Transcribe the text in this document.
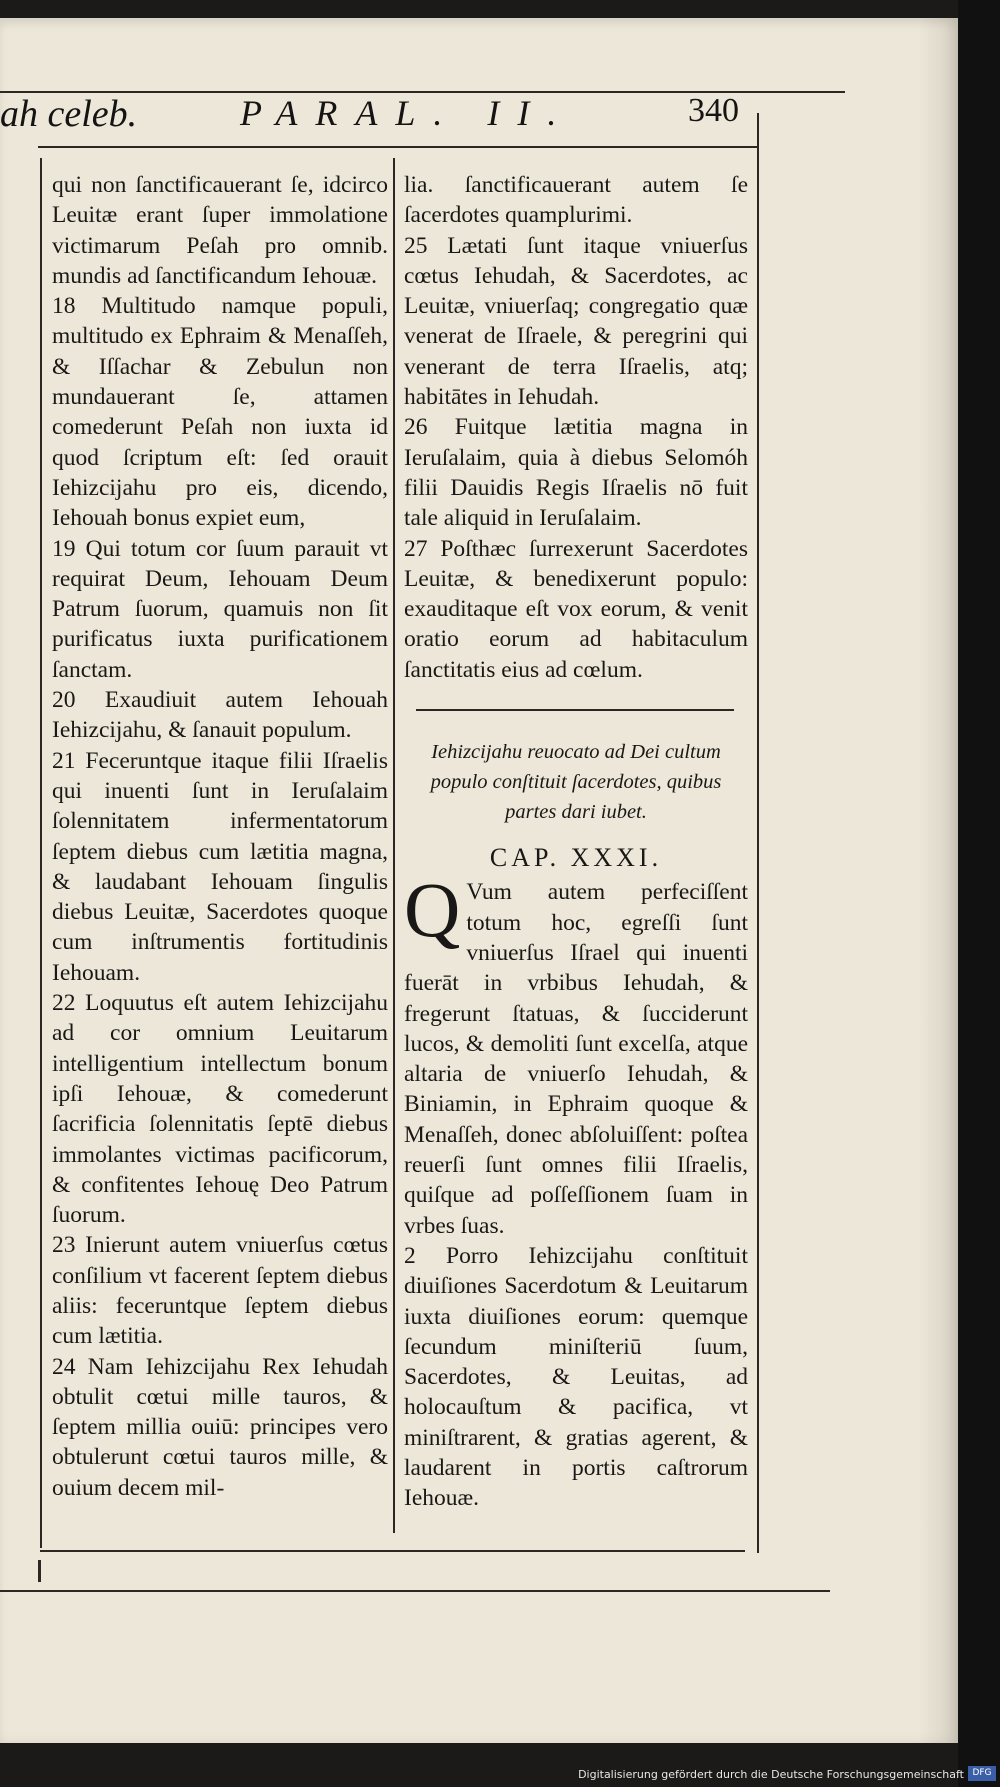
ah celeb.	PARAL. II.	340

qui non ſanctificauerant ſe, idcirco Leuitæ erant ſuper immolatione victimarum Peſah pro omnib. mundis ad ſanctificandum Iehouæ.

18 Multitudo namque populi, multitudo ex Ephraim & Menaſſeh, & Iſſachar & Zebulun non mundauerant ſe, attamen comederunt Peſah non iuxta id quod ſcriptum eſt: ſed orauit Iehizcijahu pro eis, dicendo, Iehouah bonus expiet eum,

19 Qui totum cor ſuum parauit vt requirat Deum, Iehouam Deum Patrum ſuorum, quamuis non ſit purificatus iuxta purificationem ſanctam.

20 Exaudiuit autem Iehouah Iehizcijahu, & ſanauit populum.

21 Feceruntque itaque filii Iſraelis qui inuenti ſunt in Ieruſalaim ſolennitatem infermentatorum ſeptem diebus cum lætitia magna, & laudabant Iehouam ſingulis diebus Leuitæ, Sacerdotes quoque cum inſtrumentis fortitudinis Iehouam.

22 Loquutus eſt autem Iehizcijahu ad cor omnium Leuitarum intelligentium intellectum bonum ipſi Iehouæ, & comederunt ſacrificia ſolennitatis ſeptē diebus immolantes victimas pacificorum, & confitentes Iehouę Deo Patrum ſuorum.

23 Inierunt autem vniuerſus cœtus conſilium vt facerent ſeptem diebus aliis: feceruntque ſeptem diebus cum lætitia.

24 Nam Iehizcijahu Rex Iehudah obtulit cœtui mille tauros, & ſeptem millia ouiū: principes vero obtulerunt cœtui tauros mille, & ouium decem mil-

lia. ſanctificauerant autem ſe ſacerdotes quamplurimi.

25 Lætati ſunt itaque vniuerſus cœtus Iehudah, & Sacerdotes, ac Leuitæ, vniuerſaq; congregatio quæ venerat de Iſraele, & peregrini qui venerant de terra Iſraelis, atq; habitātes in Iehudah.

26 Fuitque lætitia magna in Ieruſalaim, quia à diebus Selomóh filii Dauidis Regis Iſraelis nō fuit tale aliquid in Ieruſalaim.

27 Poſthæc ſurrexerunt Sacerdotes Leuitæ, & benedixerunt populo: exauditaque eſt vox eorum, & venit oratio eorum ad habitaculum ſanctitatis eius ad cœlum.

Iehizcijahu reuocato ad Dei cultum populo conſtituit ſacerdotes, quibus partes dari iubet.

CAP. XXXI.

Q Vum autem perfeciſſent totum hoc, egreſſi ſunt vniuerſus Iſrael qui inuenti fuerāt in vrbibus Iehudah, & fregerunt ſtatuas, & ſucciderunt lucos, & demoliti ſunt excelſa, atque altaria de vniuerſo Iehudah, & Biniamin, in Ephraim quoque & Menaſſeh, donec abſoluiſſent: poſtea reuerſi ſunt omnes filii Iſraelis, quiſque ad poſſeſſionem ſuam in vrbes ſuas.

2 Porro Iehizcijahu conſtituit diuiſiones Sacerdotum & Leuitarum iuxta diuiſiones eorum: quemque ſecundum miniſteriū ſuum, Sacerdotes, & Leuitas, ad holocauſtum & pacifica, vt miniſtrarent, & gratias agerent, & laudarent in portis caſtrorum Iehouæ.

Digitalisierung gefördert durch die Deutsche Forschungsgemeinschaft DFG
